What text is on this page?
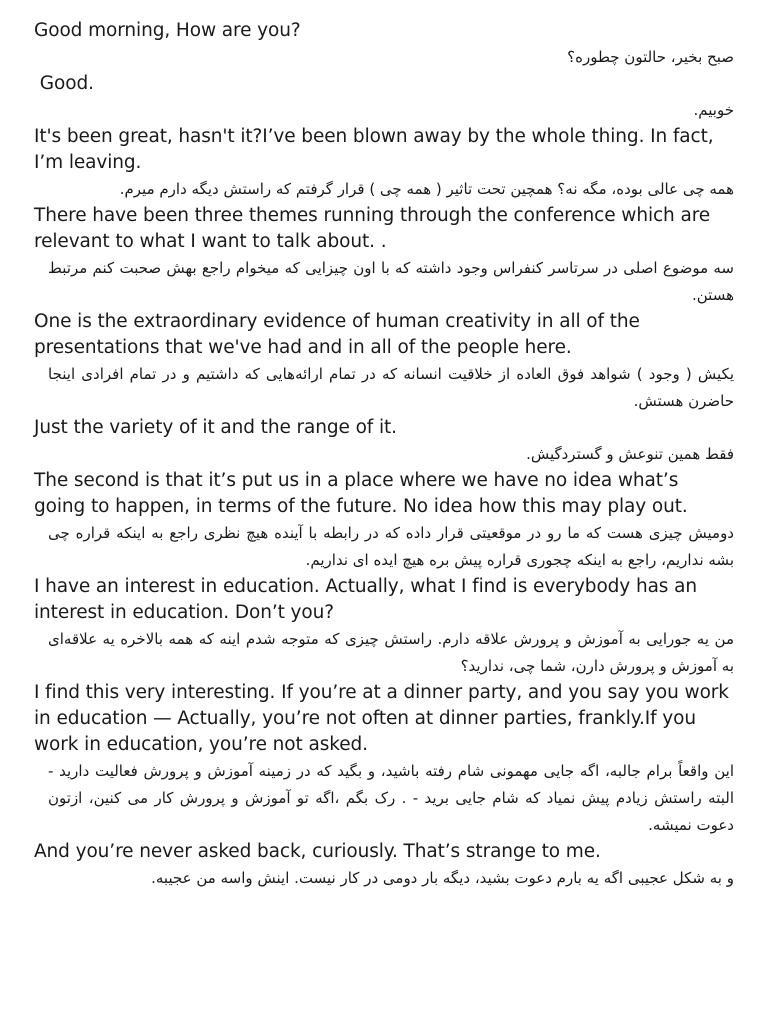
Good morning, How are you?

صبح بخیر، حالتون چطوره؟

Good.

خوبیم.

It's been great, hasn't it?I’ve been blown away by the whole thing. In fact, I’m leaving.

همه چی عالی بوده، مگه نه؟ همچین تحت تاثیر ( همه چی ) قرار گرفتم که راستش دیگه دارم میرم.

There have been three themes running through the conference which are relevant to what I want to talk about. .

سه موضوع اصلی در سرتاسر کنفراس وجود داشته که با اون چیزایی که میخوام راجع بهش صحبت کنم مرتبط هستن.

One is the extraordinary evidence of human creativity in all of the presentations that we've had and in all of the people here.

یکیش ( وجود ) شواهد فوق العاده از خلاقیت انسانه که در تمام ارائه‌هایی که داشتیم و در تمام افرادی اینجا حاضرن هستش.

Just the variety of it and the range of it.

فقط همین تنوعش و گستردگیش.

The second is that it’s put us in a place where we have no idea what’s going to happen, in terms of the future. No idea how this may play out.

دومیش چیزی هست که ما رو در موقعیتی قرار داده که در رابطه با آینده هیچ نظری راجع به اینکه قراره چی بشه نداریم، راجع به اینکه چجوری قراره پیش بره هیچ ایده ای نداریم.

I have an interest in education. Actually, what I find is everybody has an interest in education. Don’t you?

من یه جورایی به آموزش و پرورش علاقه دارم. راستش چیزی که متوجه شدم اینه که همه بالاخره یه علاقه‌ای به آموزش و پرورش دارن، شما چی، ندارید؟

I find this very interesting. If you’re at a dinner party, and you say you work in education — Actually, you’re not often at dinner parties, frankly.If you work in education, you’re not asked.

این واقعاً برام جالبه، اگه جایی مهمونی شام رفته باشید، و بگید که در زمینه آموزش و پرورش فعالیت دارید - البته راستش زیادم پیش نمیاد که شام جایی برید - . رک بگم ،اگه تو آموزش و پرورش کار می کنین، ازتون دعوت نمیشه.

And you’re never asked back, curiously. That’s strange to me.

و به شکل عجیبی اگه یه بارم دعوت بشید، دیگه بار دومی در کار نیست. اینش واسه من عجیبه.
